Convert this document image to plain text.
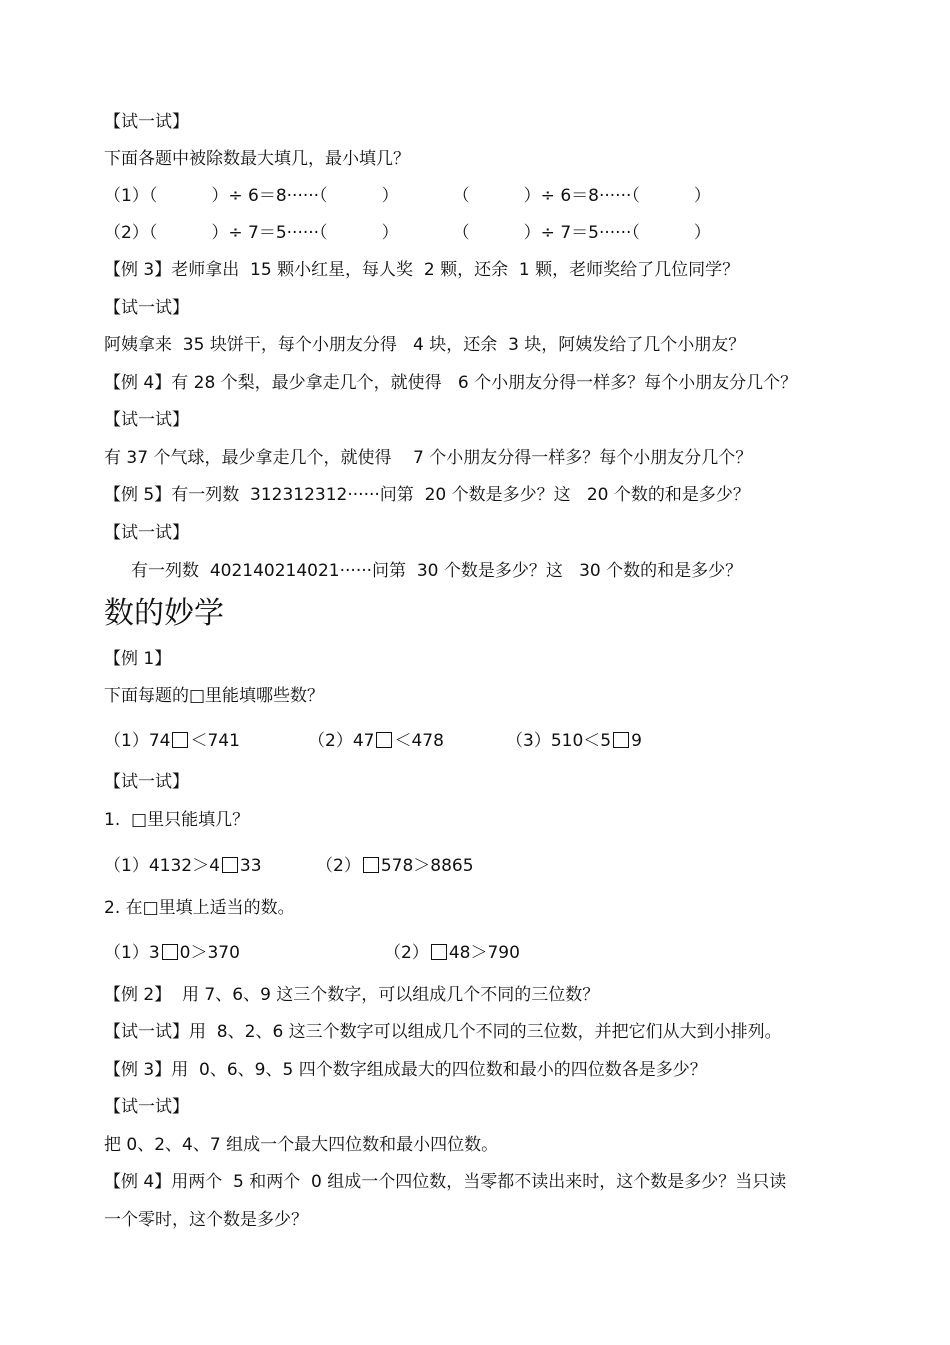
【试一试】
下面各题中被除数最大填几，最小填几？
（1）（          ）÷ 6＝8······（          ）          （          ）÷ 6＝8······（          ）
（2）（          ）÷ 7＝5······（          ）          （          ）÷ 7＝5······（          ）
【例 3】老师拿出  15 颗小红星，每人奖  2 颗，还余  1 颗，老师奖给了几位同学？
【试一试】
阿姨拿来  35 块饼干，每个小朋友分得   4 块，还余  3 块，阿姨发给了几个小朋友？
【例 4】有 28 个梨，最少拿走几个，就使得   6 个小朋友分得一样多？每个小朋友分几个？
【试一试】
有 37 个气球，最少拿走几个，就使得    7 个小朋友分得一样多？每个小朋友分几个？
【例 5】有一列数  312312312······问第  20 个数是多少？这   20 个数的和是多少？
【试一试】
有一列数  402140214021······问第  30 个数是多少？这   30 个数的和是多少？
数的妙学
【例 1】
下面每题的□里能填哪些数？
【试一试】
1.  □里只能填几？
2. 在□里填上适当的数。
【例 2】  用 7、6、9 这三个数字，可以组成几个不同的三位数？
【试一试】用  8、2、6 这三个数字可以组成几个不同的三位数，并把它们从大到小排列。
【例 3】用  0、6、9、5 四个数字组成最大的四位数和最小的四位数各是多少？
【试一试】
把 0、2、4、7 组成一个最大四位数和最小四位数。
【例 4】用两个  5 和两个  0 组成一个四位数，当零都不读出来时，这个数是多少？当只读
一个零时，这个数是多少？
（1）74 ＜741	（2）47 ＜478	（3）510＜5 9
（1）4132＞4 33	（2） 578＞8865
（1）3 0＞370	（2） 48＞790
